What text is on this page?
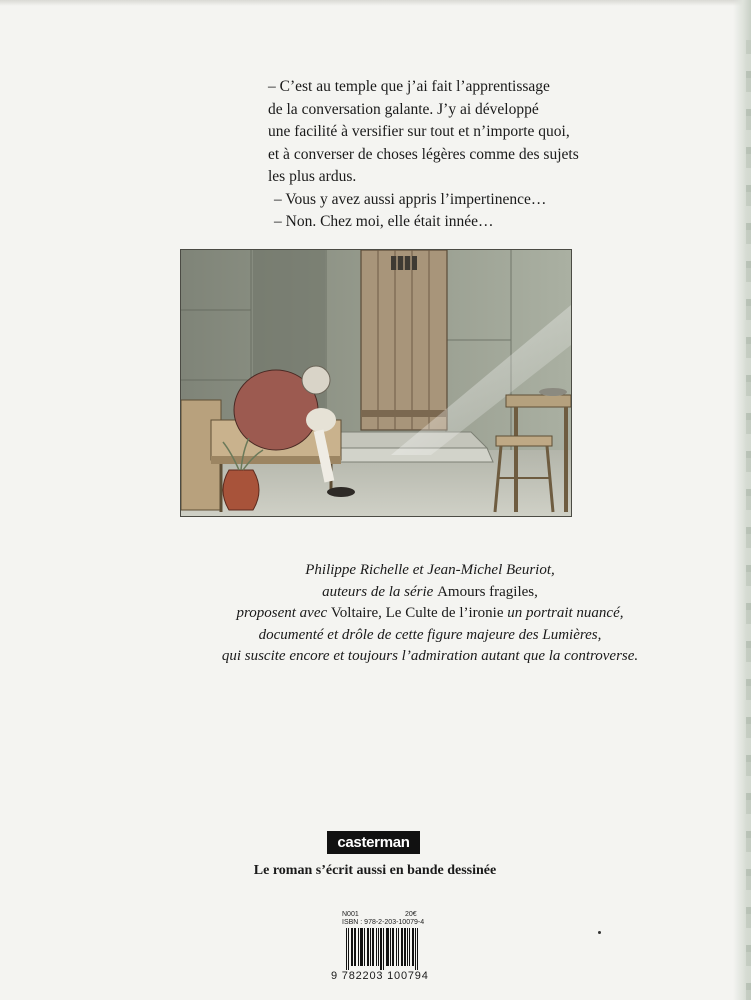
– C’est au temple que j’ai fait l’apprentissage
de la conversation galante. J’y ai développé
une facilité à versifier sur tout et n’importe quoi,
et à converser de choses légères comme des sujets
les plus ardus.
– Vous y avez aussi appris l’impertinence…
– Non. Chez moi, elle était innée…
Philippe Richelle et Jean-Michel Beuriot,
auteurs de la série Amours fragiles,
proposent avec Voltaire, Le Culte de l’ironie un portrait nuancé,
documenté et drôle de cette figure majeure des Lumières,
qui suscite encore et toujours l’admiration autant que la controverse.
casterman
Le roman s’écrit aussi en bande dessinée
N001	20€
ISBN : 978-2-203-10079-4
9 782203 100794
